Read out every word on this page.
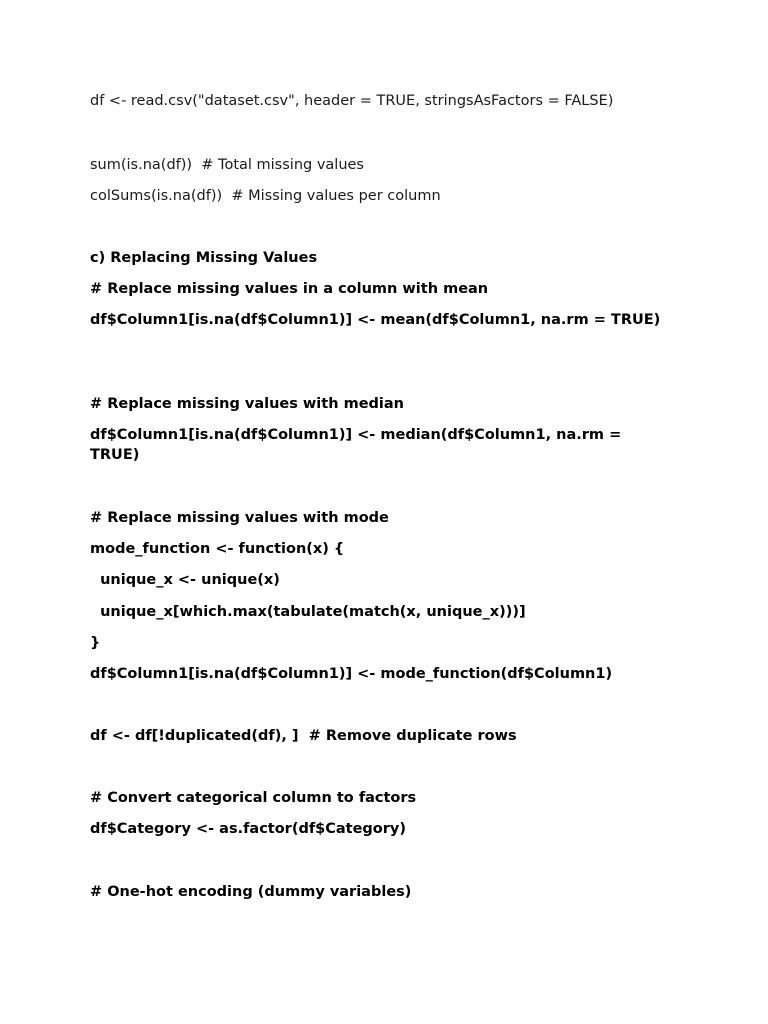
df <- read.csv("dataset.csv", header = TRUE, stringsAsFactors = FALSE)
sum(is.na(df))  # Total missing values
colSums(is.na(df))  # Missing values per column
c) Replacing Missing Values
# Replace missing values in a column with mean
df$Column1[is.na(df$Column1)] <- mean(df$Column1, na.rm = TRUE)
# Replace missing values with median
df$Column1[is.na(df$Column1)] <- median(df$Column1, na.rm = TRUE)
# Replace missing values with mode
mode_function <- function(x) {
unique_x <- unique(x)
unique_x[which.max(tabulate(match(x, unique_x)))]
}
df$Column1[is.na(df$Column1)] <- mode_function(df$Column1)
df <- df[!duplicated(df), ]  # Remove duplicate rows
# Convert categorical column to factors
df$Category <- as.factor(df$Category)
# One-hot encoding (dummy variables)
